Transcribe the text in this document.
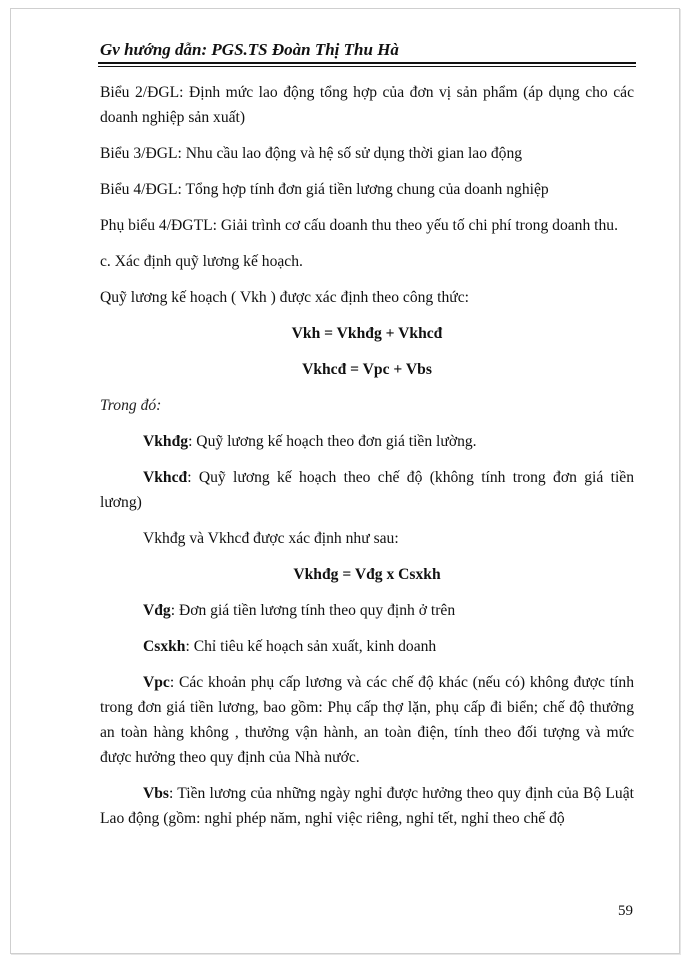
Gv hướng dẫn: PGS.TS Đoàn Thị Thu Hà

Biểu 2/ĐGL: Định mức lao động tổng hợp của đơn vị sản phẩm (áp dụng cho các doanh nghiệp sản xuất)

Biểu 3/ĐGL: Nhu cầu lao động và hệ số sử dụng thời gian lao động

Biểu 4/ĐGL: Tổng hợp tính đơn giá tiền lương chung của doanh nghiệp

Phụ biểu 4/ĐGTL: Giải trình cơ cấu doanh thu theo yếu tố chi phí trong doanh thu.

c. Xác định quỹ lương kế hoạch.

Quỹ lương kế hoạch ( Vkh ) được xác định theo công thức:

Vkh = Vkhđg + Vkhcđ

Vkhcđ = Vpc + Vbs

Trong đó:

Vkhđg: Quỹ lương kế hoạch theo đơn giá tiền lường.

Vkhcđ: Quỹ lương kế hoạch theo chế độ (không tính trong đơn giá tiền lương)

Vkhđg và Vkhcđ được xác định như sau:

Vkhđg = Vđg x Csxkh

Vđg: Đơn giá tiền lương tính theo quy định ở trên

Csxkh: Chỉ tiêu kế hoạch sản xuất, kinh doanh

Vpc: Các khoản phụ cấp lương và các chế độ khác (nếu có) không được tính trong đơn giá tiền lương, bao gồm: Phụ cấp thợ lặn, phụ cấp đi biển; chế độ thưởng an toàn hàng không , thưởng vận hành, an toàn điện, tính theo đối tượng và mức được hưởng theo quy định của Nhà nước.

Vbs: Tiền lương của những ngày nghỉ được hưởng theo quy định của Bộ Luật Lao động (gồm: nghỉ phép năm, nghỉ việc riêng, nghỉ tết, nghỉ theo chế độ

59
